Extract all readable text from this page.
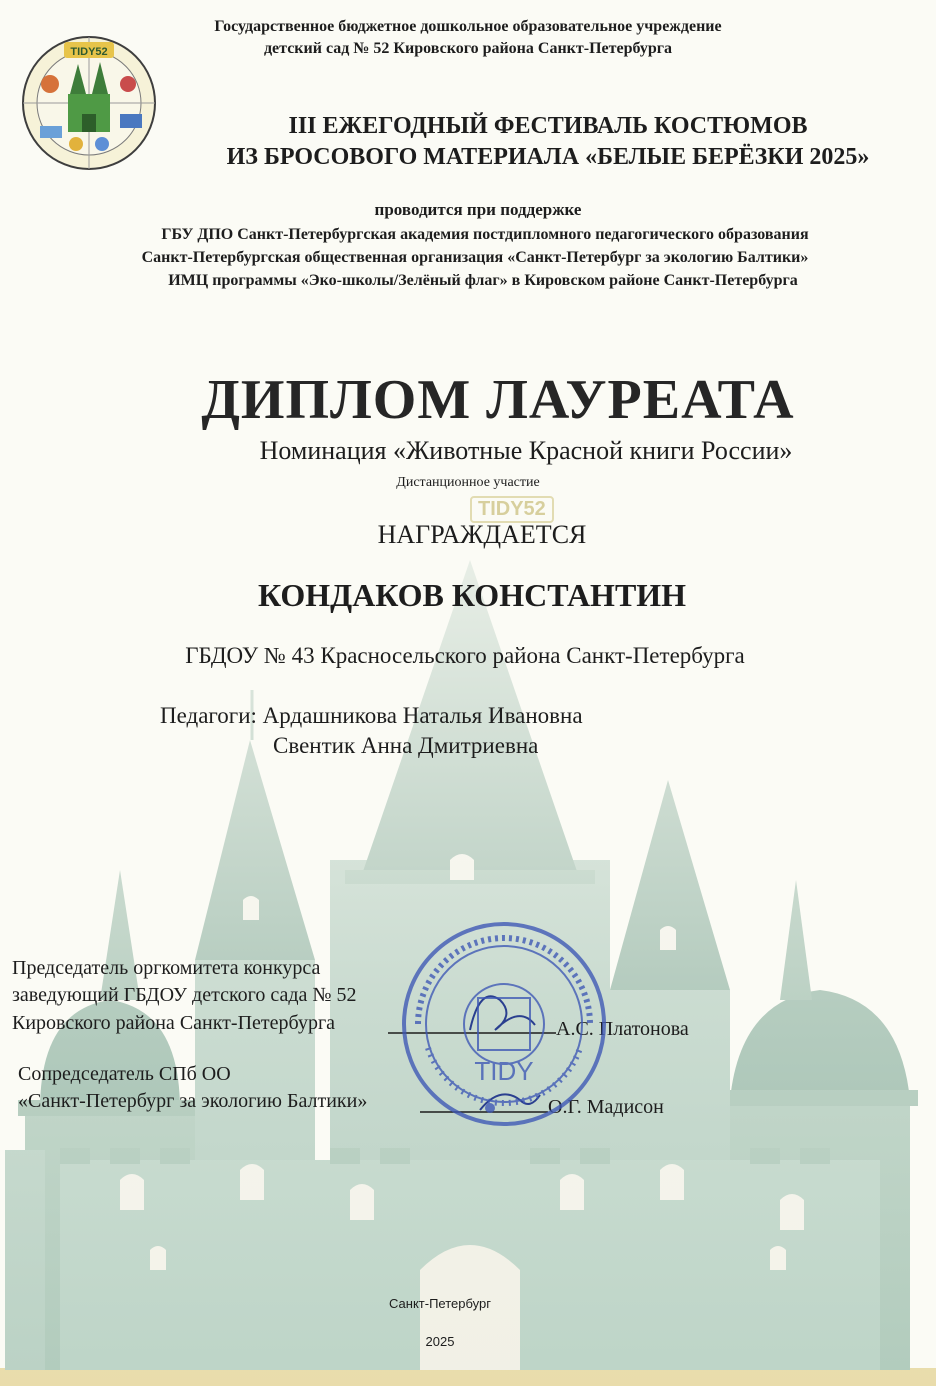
TIDY52
Государственное бюджетное дошкольное образовательное учреждение
детский сад № 52 Кировского района Санкт-Петербурга
III ЕЖЕГОДНЫЙ ФЕСТИВАЛЬ КОСТЮМОВ
ИЗ БРОСОВОГО МАТЕРИАЛА «БЕЛЫЕ БЕРЁЗКИ 2025»
проводится при поддержке
ГБУ ДПО Санкт-Петербургская академия постдипломного педагогического образования
Санкт-Петербургская общественная организация «Санкт-Петербург за экологию Балтики»
ИМЦ программы «Эко-школы/Зелёный флаг» в Кировском районе Санкт-Петербурга
ДИПЛОМ ЛАУРЕАТА
Номинация «Животные Красной книги России»
Дистанционное участие
TIDY52
НАГРАЖДАЕТСЯ
КОНДАКОВ КОНСТАНТИН
ГБДОУ № 43 Красносельского района Санкт-Петербурга
Педагоги: Ардашникова Наталья Ивановна
Свентик Анна Дмитриевна
Председатель оргкомитета конкурса
заведующий ГБДОУ детского сада № 52
Кировского района Санкт-Петербурга	А.С. Платонова
Сопредседатель СПб ОО
«Санкт-Петербург за экологию Балтики»	О.Г. Мадисон
TIDY
Санкт-Петербург
2025
